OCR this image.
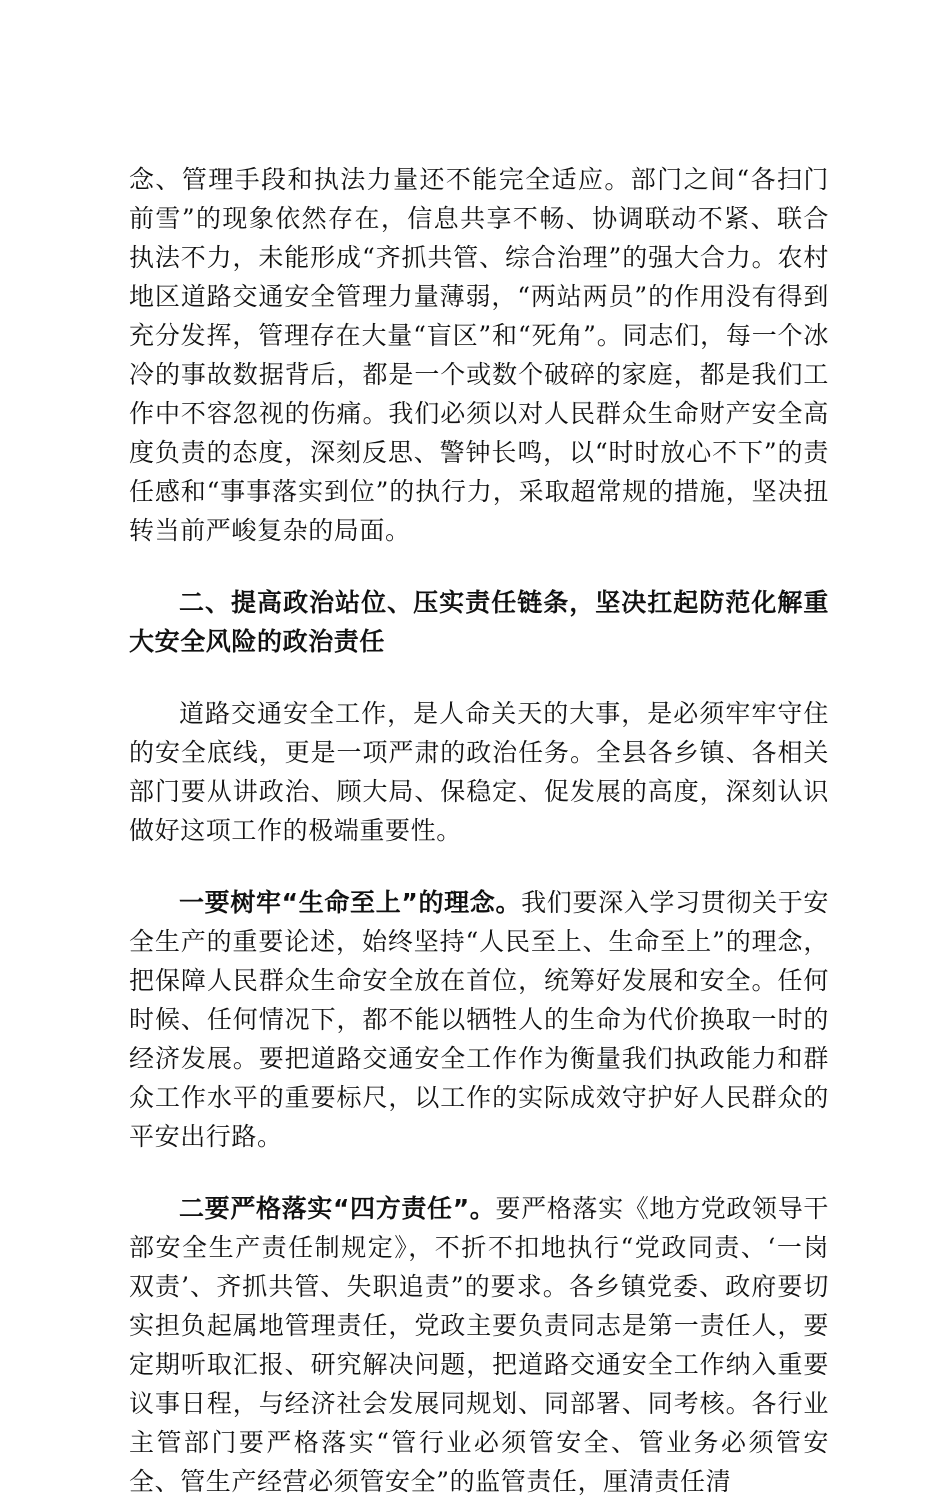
念、管理手段和执法力量还不能完全适应。部门之间“各扫门前雪”的现象依然存在，信息共享不畅、协调联动不紧、联合执法不力，未能形成“齐抓共管、综合治理”的强大合力。农村地区道路交通安全管理力量薄弱，“两站两员”的作用没有得到充分发挥，管理存在大量“盲区”和“死角”。同志们，每一个冰冷的事故数据背后，都是一个或数个破碎的家庭，都是我们工作中不容忽视的伤痛。我们必须以对人民群众生命财产安全高度负责的态度，深刻反思、警钟长鸣，以“时时放心不下”的责任感和“事事落实到位”的执行力，采取超常规的措施，坚决扭转当前严峻复杂的局面。

二、提高政治站位、压实责任链条，坚决扛起防范化解重大安全风险的政治责任

道路交通安全工作，是人命关天的大事，是必须牢牢守住的安全底线，更是一项严肃的政治任务。全县各乡镇、各相关部门要从讲政治、顾大局、保稳定、促发展的高度，深刻认识做好这项工作的极端重要性。

一要树牢“生命至上”的理念。我们要深入学习贯彻关于安全生产的重要论述，始终坚持“人民至上、生命至上”的理念，把保障人民群众生命安全放在首位，统筹好发展和安全。任何时候、任何情况下，都不能以牺牲人的生命为代价换取一时的经济发展。要把道路交通安全工作作为衡量我们执政能力和群众工作水平的重要标尺，以工作的实际成效守护好人民群众的平安出行路。

二要严格落实“四方责任”。要严格落实《地方党政领导干部安全生产责任制规定》，不折不扣地执行“党政同责、‘一岗双责’、齐抓共管、失职追责”的要求。各乡镇党委、政府要切实担负起属地管理责任，党政主要负责同志是第一责任人，要定期听取汇报、研究解决问题，把道路交通安全工作纳入重要议事日程，与经济社会发展同规划、同部署、同考核。各行业主管部门要严格落实“管行业必须管安全、管业务必须管安全、管生产经营必须管安全”的监管责任，厘清责任清
